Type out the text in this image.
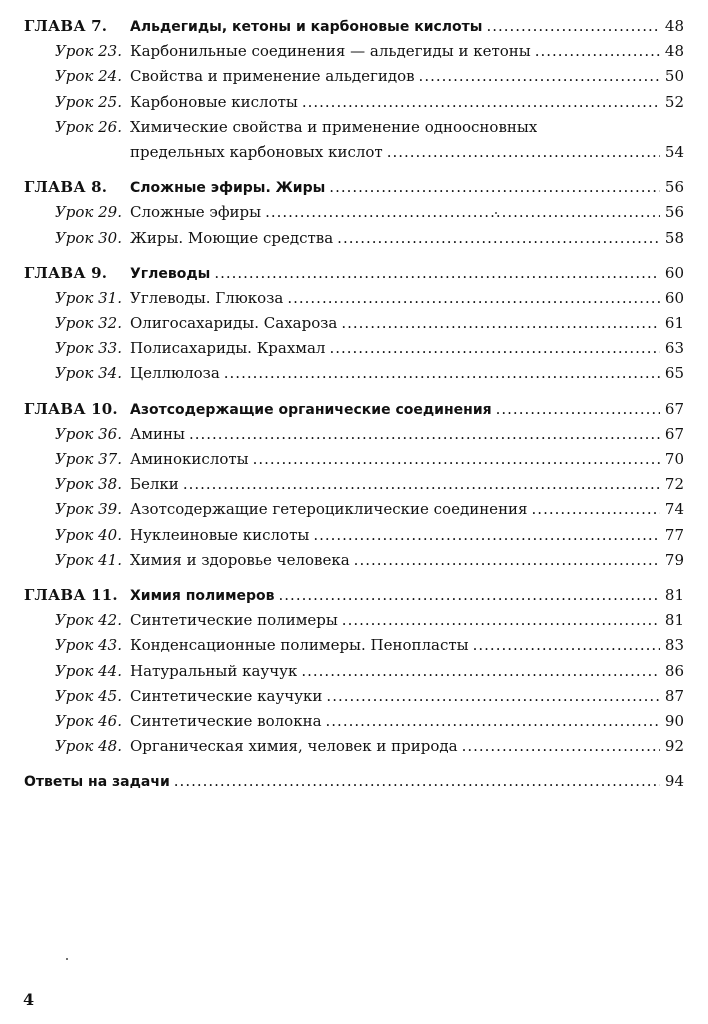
ГЛАВА 7.	Альдегиды, кетоны и карбоновые кислоты .....	48
Урок 23. Карбонильные соединения — альдегиды и кетоны .....	48
Урок 24. Свойства и применение альдегидов .....	50
Урок 25. Карбоновые кислоты .....	52
Урок 26. Химические свойства и применение одноосновных
предельных карбоновых кислот .....	54
ГЛАВА 8.	Сложные эфиры. Жиры .....	56
Урок 29. Сложные эфиры .....	56
Урок 30. Жиры. Моющие средства .....	58
ГЛАВА 9.	Углеводы .....	60
Урок 31. Углеводы. Глюкоза .....	60
Урок 32. Олигосахариды. Сахароза .....	61
Урок 33. Полисахариды. Крахмал .....	63
Урок 34. Целлюлоза .....	65
ГЛАВА 10. Азотсодержащие органические соединения .....	67
Урок 36. Амины .....	67
Урок 37. Аминокислоты .....	70
Урок 38. Белки .....	72
Урок 39. Азотсодержащие гетероциклические соединения .....	74
Урок 40. Нуклеиновые кислоты .....	77
Урок 41. Химия и здоровье человека .....	79
ГЛАВА 11. Химия полимеров .....	81
Урок 42. Синтетические полимеры .....	81
Урок 43. Конденсационные полимеры. Пенопласты .....	83
Урок 44. Натуральный каучук .....	86
Урок 45. Синтетические каучуки .....	87
Урок 46. Синтетические волокна .....	90
Урок 48. Органическая химия, человек и природа .....	92
Ответы на задачи .....	94
4
